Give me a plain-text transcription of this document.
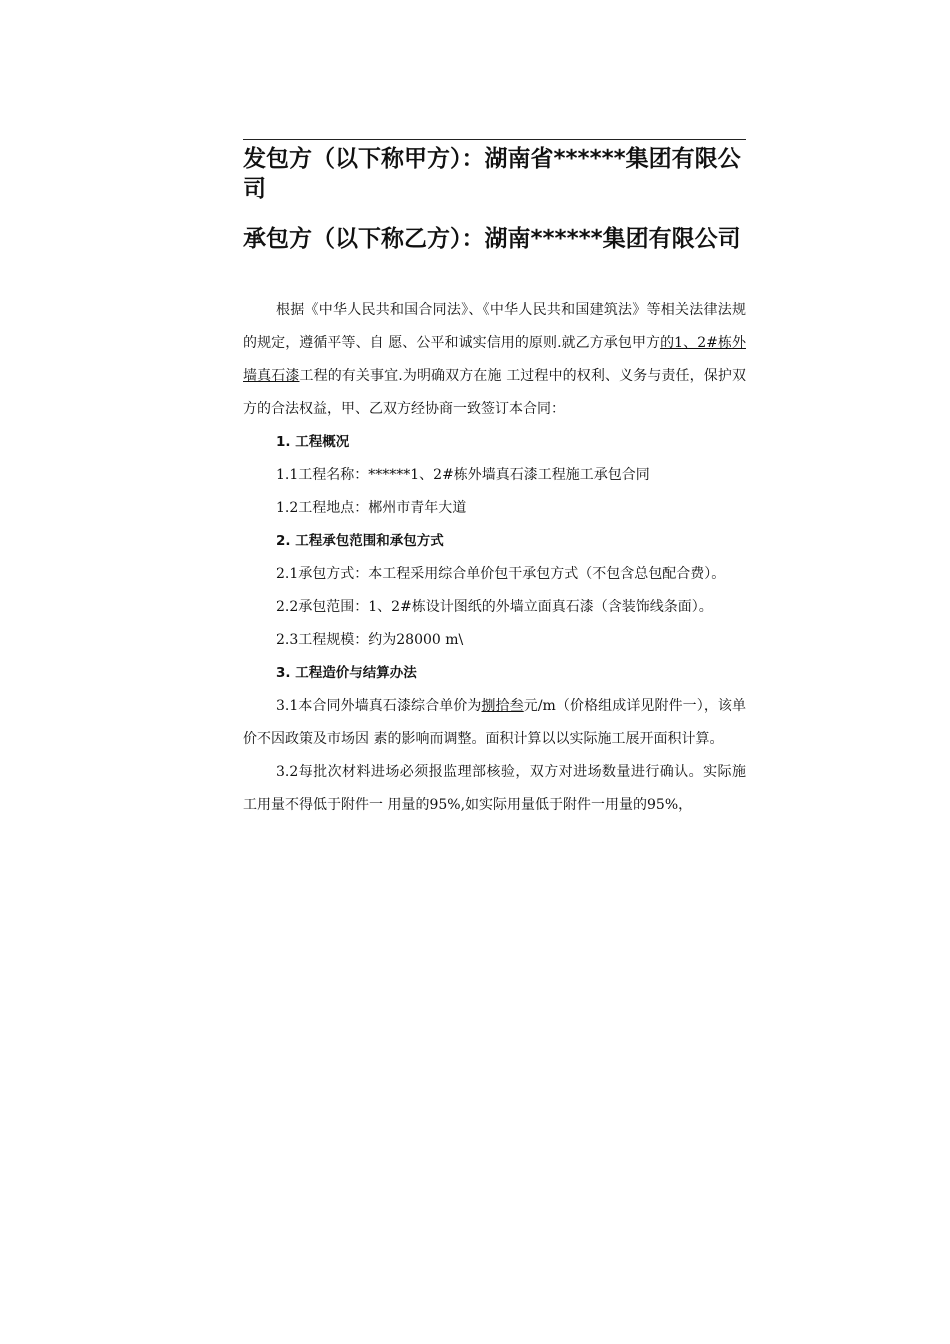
发包方（以下称甲方）：湖南省******集团有限公司

承包方（以下称乙方）：湖南******集团有限公司

根据《中华人民共和国合同法》、《中华人民共和国建筑法》等相关法律法规的规定，遵循平等、自 愿、公平和诚实信用的原则.就乙方承包甲方的1、2#栋外墙真石漆工程的有关事宜.为明确双方在施 工过程中的权利、义务与责任，保护双方的合法权益，甲、乙双方经协商一致签订本合同：

1. 工程概况

1.1工程名称：******1、2#栋外墙真石漆工程施工承包合同

1.2工程地点：郴州市青年大道

2. 工程承包范围和承包方式

2.1承包方式：本工程采用综合单价包干承包方式（不包含总包配合费）。

2.2承包范围：1、2#栋设计图纸的外墙立面真石漆（含装饰线条面）。

2.3工程规模：约为28000 m\

3. 工程造价与结算办法

3.1本合同外墙真石漆综合单价为捌拾叁元/m（价格组成详见附件一），该单价不因政策及市场因 素的影响而调整。面积计算以以实际施工展开面积计算。

3.2每批次材料进场必须报监理部核验，双方对进场数量进行确认。实际施工用量不得低于附件一 用量的95%,如实际用量低于附件一用量的95%，
